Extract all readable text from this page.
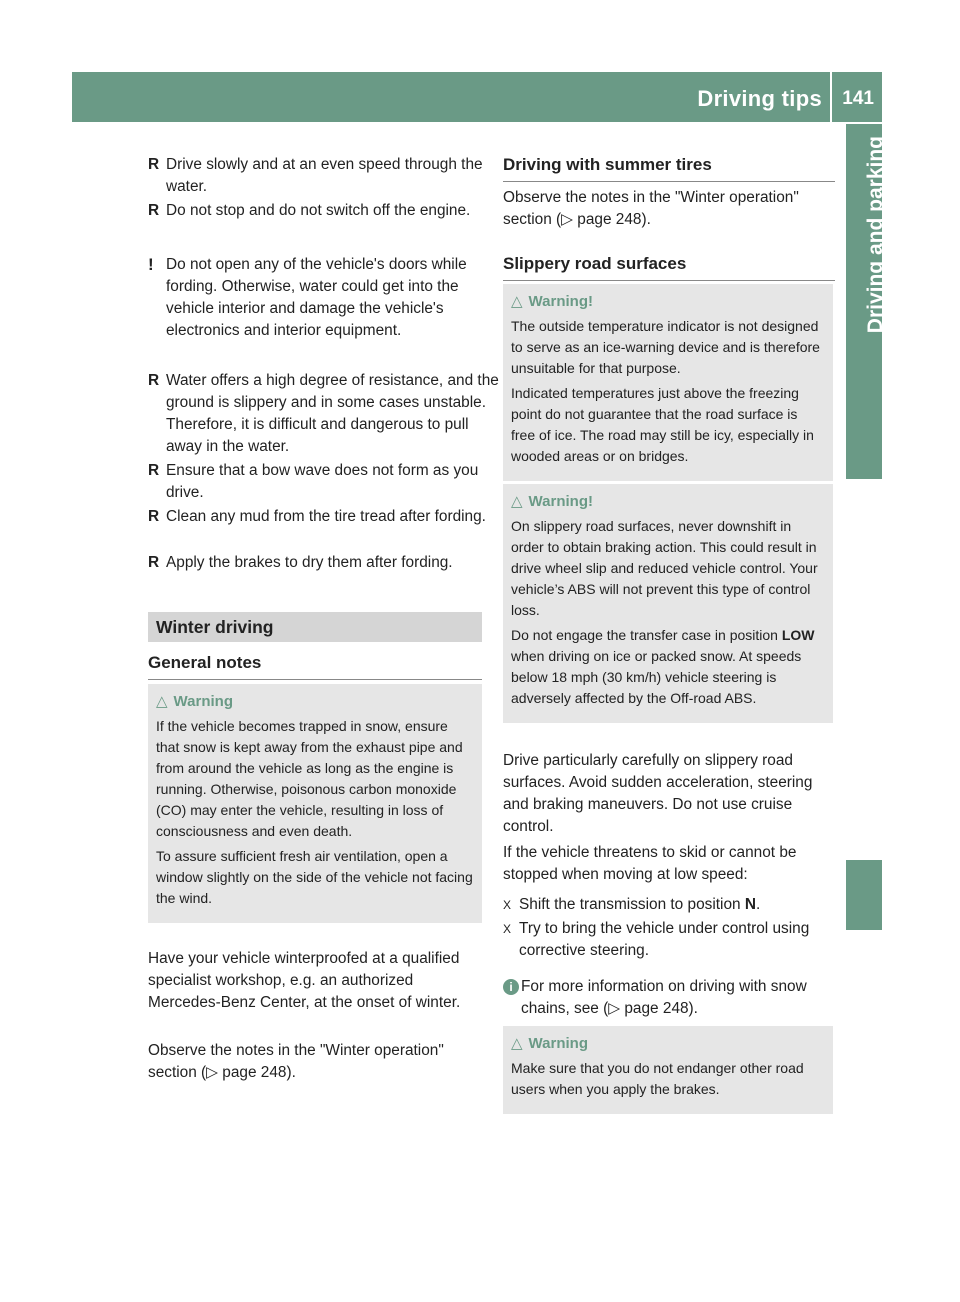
Driving tips 141
Driving and parking
R Drive slowly and at an even speed through the water.
R Do not stop and do not switch off the engine.
! Do not open any of the vehicle's doors while fording. Otherwise, water could get into the vehicle interior and damage the vehicle's electronics and interior equipment.
R Water offers a high degree of resistance, and the ground is slippery and in some cases unstable. Therefore, it is difficult and dangerous to pull away in the water.
R Ensure that a bow wave does not form as you drive.
R Clean any mud from the tire tread after fording.
R Apply the brakes to dry them after fording.
Winter driving
General notes
△ Warning

If the vehicle becomes trapped in snow, ensure that snow is kept away from the exhaust pipe and from around the vehicle as long as the engine is running. Otherwise, poisonous carbon monoxide (CO) may enter the vehicle, resulting in loss of consciousness and even death.

To assure sufficient fresh air ventilation, open a window slightly on the side of the vehicle not facing the wind.

Have your vehicle winterproofed at a qualified specialist workshop, e.g. an authorized Mercedes-Benz Center, at the onset of winter.

Observe the notes in the "Winter operation" section (▷ page 248).

Driving with summer tires

Observe the notes in the "Winter operation" section (▷ page 248).

Slippery road surfaces
△ Warning!

The outside temperature indicator is not designed to serve as an ice-warning device and is therefore unsuitable for that purpose.

Indicated temperatures just above the freezing point do not guarantee that the road surface is free of ice. The road may still be icy, especially in wooded areas or on bridges.

△ Warning!

On slippery road surfaces, never downshift in order to obtain braking action. This could result in drive wheel slip and reduced vehicle control. Your vehicle’s ABS will not prevent this type of control loss.

Do not engage the transfer case in position LOW when driving on ice or packed snow. At speeds below 18 mph (30 km/h) vehicle steering is adversely affected by the Off-road ABS.

Drive particularly carefully on slippery road surfaces. Avoid sudden acceleration, steering and braking maneuvers. Do not use cruise control.

If the vehicle threatens to skid or cannot be stopped when moving at low speed:

X Shift the transmission to position N.
X Try to bring the vehicle under control using corrective steering.
i For more information on driving with snow chains, see (▷ page 248).
△ Warning

Make sure that you do not endanger other road users when you apply the brakes.
